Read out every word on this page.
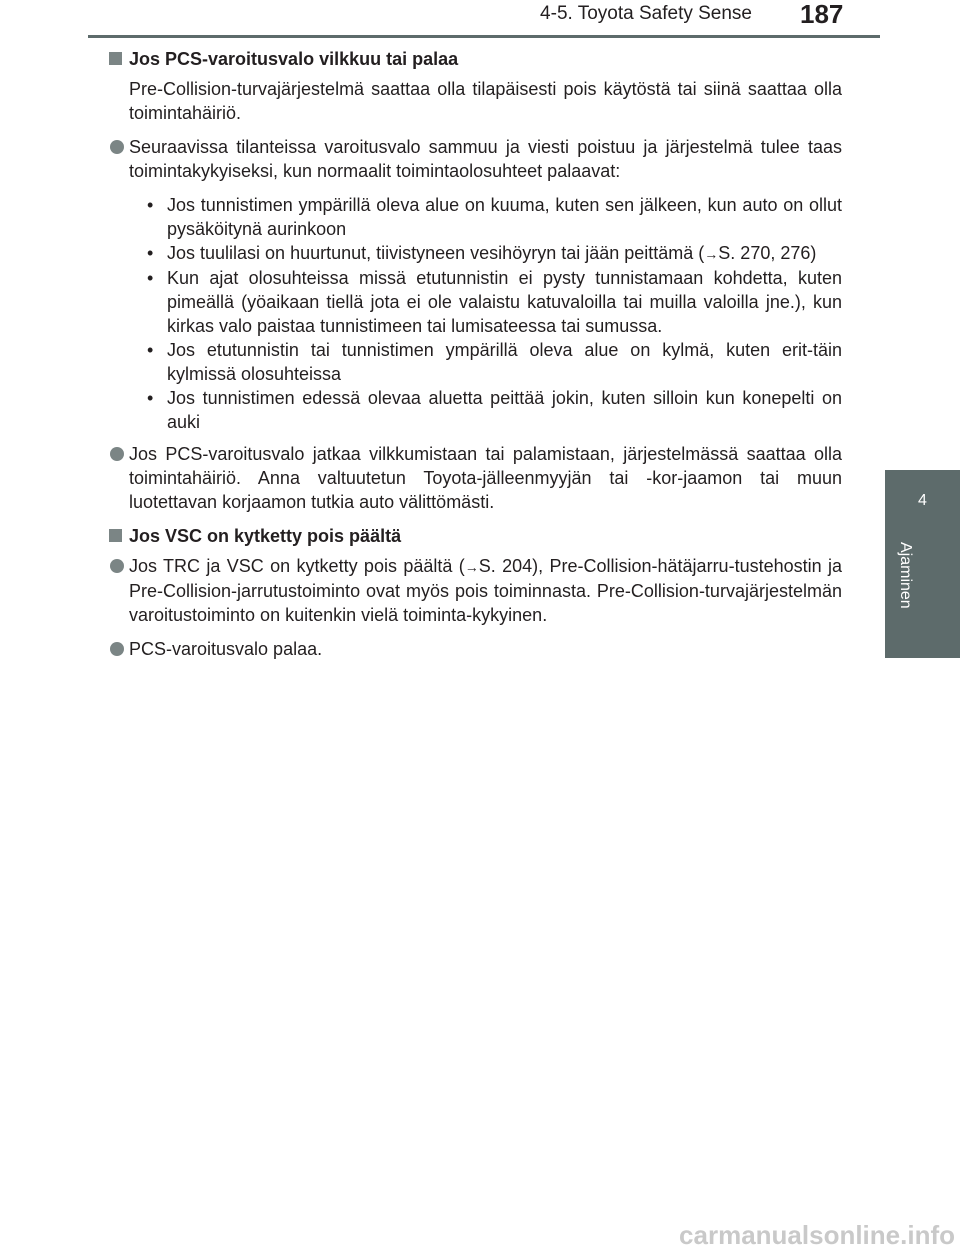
4-5. Toyota Safety Sense 187
4
Ajaminen
Jos PCS-varoitusvalo vilkkuu tai palaa
Pre-Collision-turvajärjestelmä saattaa olla tilapäisesti pois käytöstä tai siinä saattaa olla toimintahäiriö.
Seuraavissa tilanteissa varoitusvalo sammuu ja viesti poistuu ja järjestelmä tulee taas toimintakykyiseksi, kun normaalit toimintaolosuhteet palaavat:
• Jos tunnistimen ympärillä oleva alue on kuuma, kuten sen jälkeen, kun auto on ollut pysäköitynä aurinkoon
• Jos tuulilasi on huurtunut, tiivistyneen vesihöyryn tai jään peittämä (→S. 270, 276)
• Kun ajat olosuhteissa missä etutunnistin ei pysty tunnistamaan kohdetta, kuten pimeällä (yöaikaan tiellä jota ei ole valaistu katuvaloilla tai muilla valoilla jne.), kun kirkas valo paistaa tunnistimeen tai lumisateessa tai sumussa.
• Jos etutunnistin tai tunnistimen ympärillä oleva alue on kylmä, kuten erit-täin kylmissä olosuhteissa
• Jos tunnistimen edessä olevaa aluetta peittää jokin, kuten silloin kun konepelti on auki
Jos PCS-varoitusvalo jatkaa vilkkumistaan tai palamistaan, järjestelmässä saattaa olla toimintahäiriö. Anna valtuutetun Toyota-jälleenmyyjän tai -kor-jaamon tai muun luotettavan korjaamon tutkia auto välittömästi.
Jos VSC on kytketty pois päältä
Jos TRC ja VSC on kytketty pois päältä (→S. 204), Pre-Collision-hätäjarru-tustehostin ja Pre-Collision-jarrutustoiminto ovat myös pois toiminnasta. Pre-Collision-turvajärjestelmän varoitustoiminto on kuitenkin vielä toiminta-kykyinen.
PCS-varoitusvalo palaa.
carmanualsonline.info
